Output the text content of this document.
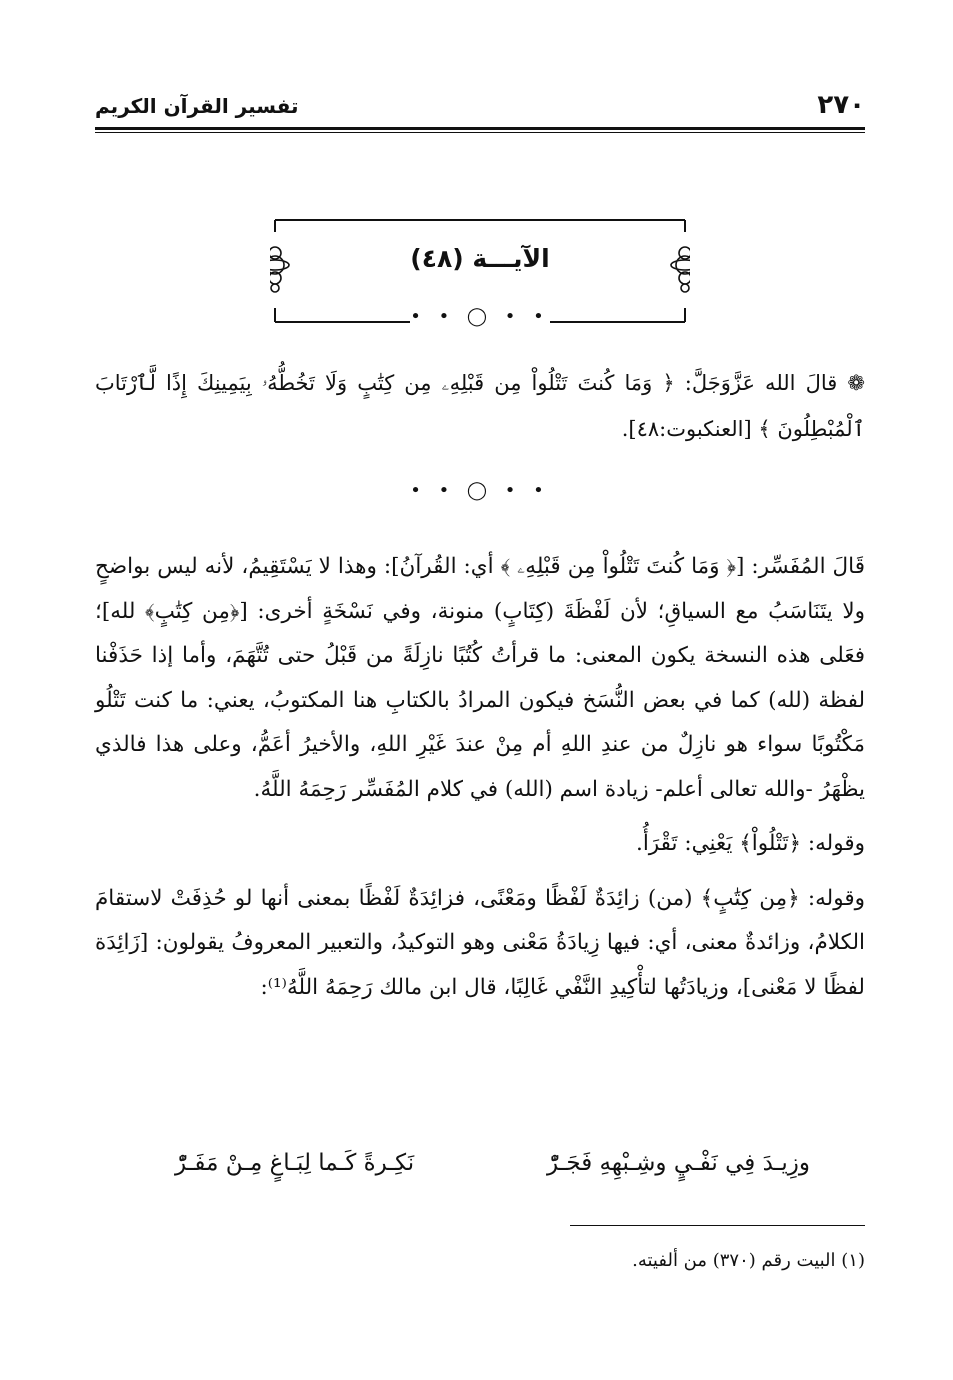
٢٧٠
تفسير القرآن الكريم
الآيـــة (٤٨)
• • ◯ • •
❁ قالَ الله عَزَّوَجَلَّ: ﴿ وَمَا كُنتَ تَتْلُواْ مِن قَبْلِهِۦ مِن كِتَٰبٍ وَلَا تَخُطُّهُۥ بِيَمِينِكَ إِذًا لَّٱرْتَابَ ٱلْمُبْطِلُونَ ﴾ [العنكبوت:٤٨].
• • ◯ • •

قَالَ المُفَسِّر: [﴿ وَمَا كُنتَ تَتْلُواْ مِن قَبْلِهِۦ ﴾ أي: القُرآنُ]: وهذا لا يَسْتَقِيمُ، لأنه ليس بواضحٍ ولا يتَنَاسَبُ مع السياقِ؛ لأن لَفْظَةَ (كِتَابٍ) منونة، وفي نَسْخَةٍ أخرى: [﴿مِن كِتَٰبٍ﴾ لله]؛ فعَلى هذه النسخة يكون المعنى: ما قرأتُ كُتُبًا نازِلَةً من قَبْلُ حتى تُتَّهَمَ، وأما إذا حَذَفْنا لفظة (لله) كما في بعض النُّسَخ فيكون المرادُ بالكتابِ هنا المكتوبُ، يعني: ما كنت تَتْلُو مَكْتُوبًا سواء هو نازِلٌ من عندِ اللهِ أم مِنْ عندَ غَيْرِ اللهِ، والأخيرُ أعَمُّ، وعلى هذا فالذي يظْهَرُ -والله تعالى أعلم- زيادة اسم (الله) في كلام المُفَسِّر رَحِمَهُ اللَّهُ.

وقوله: ﴿تَتْلُواْ﴾ يَعْنِي: تَقْرَأُ.

وقوله: ﴿مِن كِتَٰبٍ﴾ (من) زائِدَةٌ لَفْظًا ومَعْنًى، فزائِدَةٌ لَفْظًا بمعنى أنها لو حُذِفَتْ لاستقامَ الكلامُ، وزائدةٌ معنى، أي: فيها زِيادَةُ مَعْنى وهو التوكيدُ، والتعبير المعروفُ يقولون: [زَائِدَة لفظًا لا مَعْنى]، وزيادَتُها لتأْكِيدِ النَّفْي غَالِبًا، قال ابن مالك رَحِمَهُ اللَّهُ⁽¹⁾:

وزِيـدَ فِي نَفْـيٍ وشِـبْهِهِ فَجَـرّْ
نَكِـرةً كَـما لِبَـاغٍ مِـنْ مَفَـرّْ
(١) البيت رقم (٣٧٠) من ألفيته.
